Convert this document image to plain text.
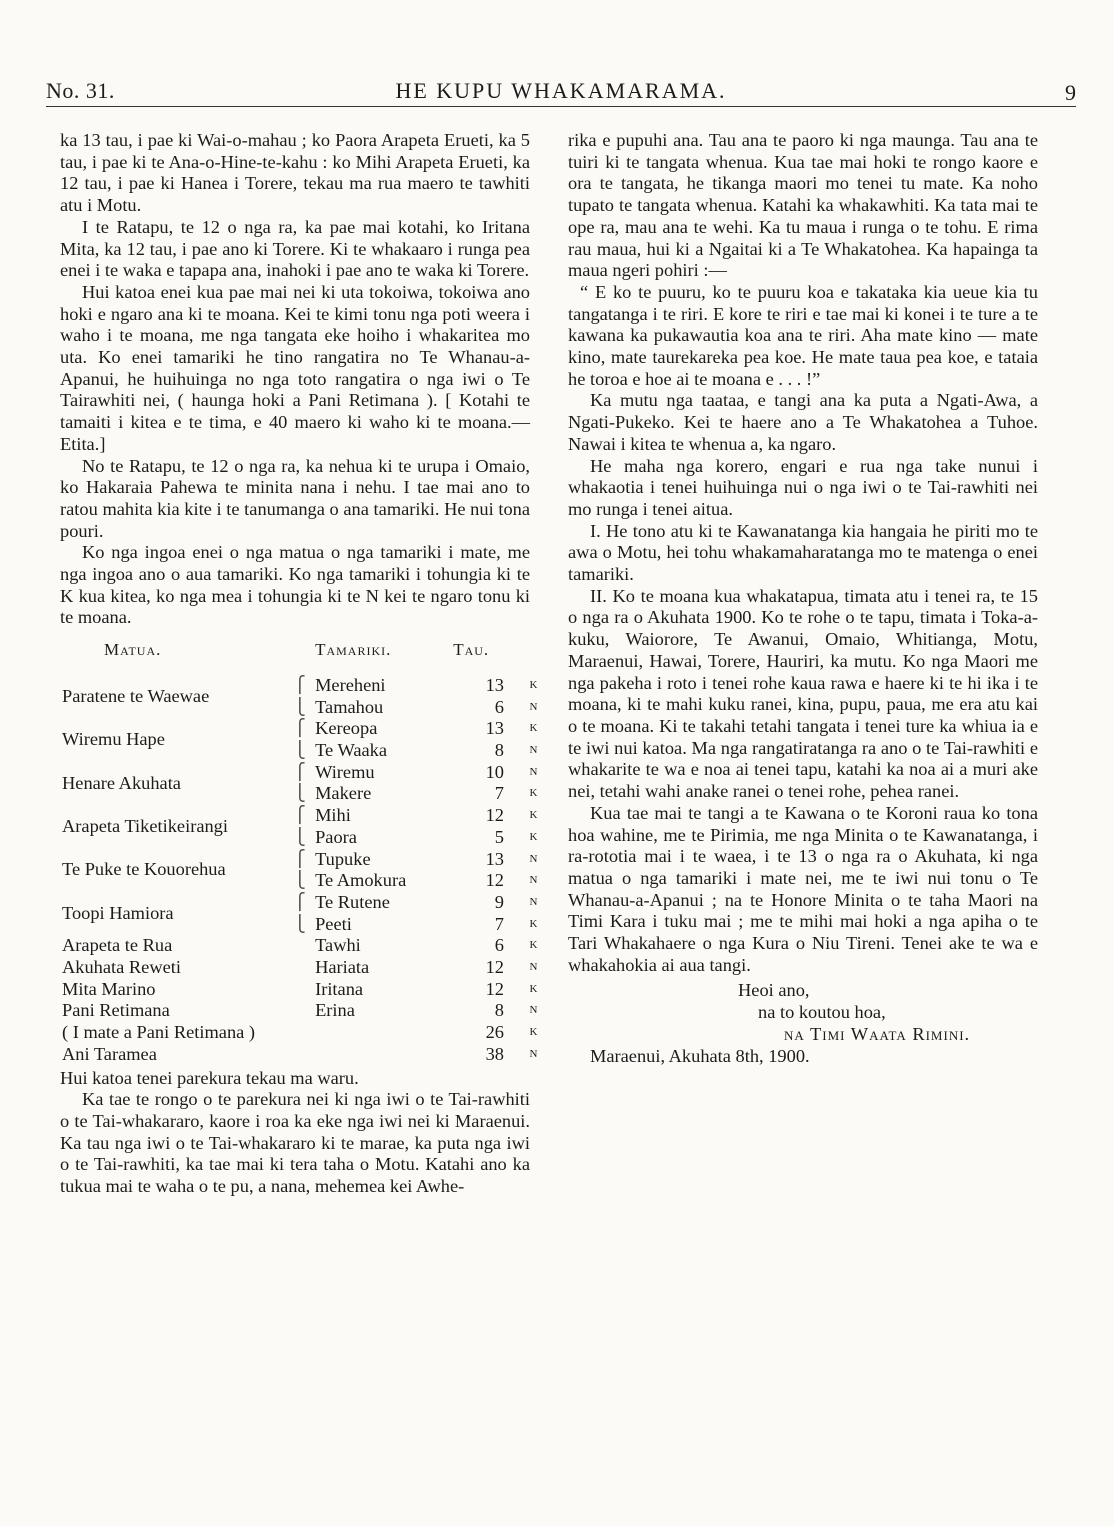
No. 31.	HE KUPU WHAKAMARAMA.	9

ka 13 tau, i pae ki Wai-o-mahau ; ko Paora Arapeta Erueti, ka 5 tau, i pae ki te Ana-o-Hine-te-kahu : ko Mihi Arapeta Erueti, ka 12 tau, i pae ki Hanea i Torere, tekau ma rua maero te tawhiti atu i Motu.

I te Ratapu, te 12 o nga ra, ka pae mai kotahi, ko Iritana Mita, ka 12 tau, i pae ano ki Torere. Ki te whakaaro i runga pea enei i te waka e tapapa ana, inahoki i pae ano te waka ki Torere.

Hui katoa enei kua pae mai nei ki uta tokoiwa, tokoiwa ano hoki e ngaro ana ki te moana. Kei te kimi tonu nga poti weera i waho i te moana, me nga tangata eke hoiho i whakaritea mo uta. Ko enei tamariki he tino rangatira no Te Whanau-a-Apanui, he huihuinga no nga toto rangatira o nga iwi o Te Tairawhiti nei, ( haunga hoki a Pani Retimana ). [ Kotahi te tamaiti i kitea e te tima, e 40 maero ki waho ki te moana.— Etita.]

No te Ratapu, te 12 o nga ra, ka nehua ki te urupa i Omaio, ko Hakaraia Pahewa te minita nana i nehu. I tae mai ano to ratou mahita kia kite i te tanumanga o ana tamariki. He nui tona pouri.

Ko nga ingoa enei o nga matua o nga tamariki i mate, me nga ingoa ano o aua tamariki. Ko nga tamariki i tohungia ki te K kua kitea, ko nga mea i tohungia ki te N kei te ngaro tonu ki te moana.

Matua.		Tamariki.	Tau.	
Paratene te Waewae	⎧	Mereheni	13	K
	⎩	Tamahou	6	N
Wiremu Hape	⎧	Kereopa	13	K
	⎩	Te Waaka	8	N
Henare Akuhata	⎧	Wiremu	10	N
	⎩	Makere	7	K
Arapeta Tiketikeirangi	⎧	Mihi	12	K
	⎩	Paora	5	K
Te Puke te Kouorehua	⎧	Tupuke	13	N
	⎩	Te Amokura	12	N
Toopi Hamiora	⎧	Te Rutene	9	N
	⎩	Peeti	7	K
Arapeta te Rua		Tawhi	6	K
Akuhata Reweti		Hariata	12	N
Mita Marino		Iritana	12	K
Pani Retimana		Erina	8	N
( I mate a Pani Retimana )			26	K
Ani Taramea			38	N

Hui katoa tenei parekura tekau ma waru.

Ka tae te rongo o te parekura nei ki nga iwi o te Tai-rawhiti o te Tai-whakararo, kaore i roa ka eke nga iwi nei ki Maraenui. Ka tau nga iwi o te Tai-whakararo ki te marae, ka puta nga iwi o te Tai-rawhiti, ka tae mai ki tera taha o Motu. Katahi ano ka tukua mai te waha o te pu, a nana, mehemea kei Awhe-

rika e pupuhi ana. Tau ana te paoro ki nga maunga. Tau ana te tuiri ki te tangata whenua. Kua tae mai hoki te rongo kaore e ora te tangata, he tikanga maori mo tenei tu mate. Ka noho tupato te tangata whenua. Katahi ka whakawhiti. Ka tata mai te ope ra, mau ana te wehi. Ka tu maua i runga o te tohu. E rima rau maua, hui ki a Ngaitai ki a Te Whakatohea. Ka hapainga ta maua ngeri pohiri :—

“ E ko te puuru, ko te puuru koa e takataka kia ueue kia tu tangatanga i te riri. E kore te riri e tae mai ki konei i te ture a te kawana ka pukawautia koa ana te riri. Aha mate kino — mate kino, mate taurekareka pea koe. He mate taua pea koe, e tataia he toroa e hoe ai te moana e . . . !”

Ka mutu nga taataa, e tangi ana ka puta a Ngati-Awa, a Ngati-Pukeko. Kei te haere ano a Te Whakatohea a Tuhoe. Nawai i kitea te whenua a, ka ngaro.

He maha nga korero, engari e rua nga take nunui i whakaotia i tenei huihuinga nui o nga iwi o te Tai-rawhiti nei mo runga i tenei aitua.

I. He tono atu ki te Kawanatanga kia hangaia he piriti mo te awa o Motu, hei tohu whakamaharatanga mo te matenga o enei tamariki.

II. Ko te moana kua whakatapua, timata atu i tenei ra, te 15 o nga ra o Akuhata 1900. Ko te rohe o te tapu, timata i Toka-a-kuku, Waiorore, Te Awanui, Omaio, Whitianga, Motu, Maraenui, Hawai, Torere, Hauriri, ka mutu. Ko nga Maori me nga pakeha i roto i tenei rohe kaua rawa e haere ki te hi ika i te moana, ki te mahi kuku ranei, kina, pupu, paua, me era atu kai o te moana. Ki te takahi tetahi tangata i tenei ture ka whiua ia e te iwi nui katoa. Ma nga rangatiratanga ra ano o te Tai-rawhiti e whakarite te wa e noa ai tenei tapu, katahi ka noa ai a muri ake nei, tetahi wahi anake ranei o tenei rohe, pehea ranei.

Kua tae mai te tangi a te Kawana o te Koroni raua ko tona hoa wahine, me te Pirimia, me nga Minita o te Kawanatanga, i ra-rototia mai i te waea, i te 13 o nga ra o Akuhata, ki nga matua o nga tamariki i mate nei, me te iwi nui tonu o Te Whanau-a-Apanui ; na te Honore Minita o te taha Maori na Timi Kara i tuku mai ; me te mihi mai hoki a nga apiha o te Tari Whakahaere o nga Kura o Niu Tireni. Tenei ake te wa e whakahokia ai aua tangi.

Heoi ano,
na to koutou hoa,
na Timi Waata Rimini.

Maraenui, Akuhata 8th, 1900.
